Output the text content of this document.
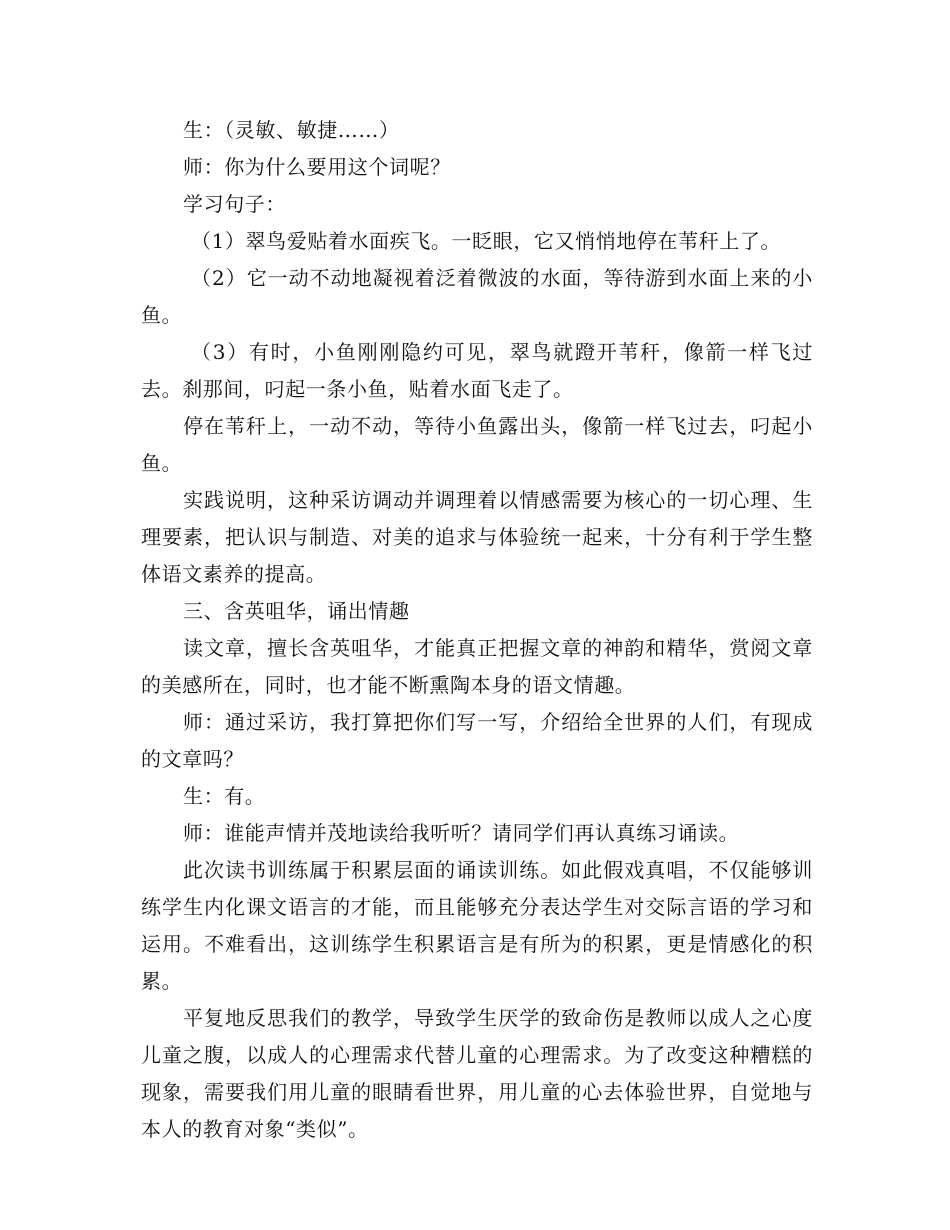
生：（灵敏、敏捷……）

师：你为什么要用这个词呢？

学习句子：

（1）翠鸟爱贴着水面疾飞。一眨眼，它又悄悄地停在苇秆上了。

（2）它一动不动地凝视着泛着微波的水面，等待游到水面上来的小鱼。

（3）有时，小鱼刚刚隐约可见，翠鸟就蹬开苇秆，像箭一样飞过去。刹那间，叼起一条小鱼，贴着水面飞走了。

停在苇秆上，一动不动，等待小鱼露出头，像箭一样飞过去，叼起小鱼。

实践说明，这种采访调动并调理着以情感需要为核心的一切心理、生理要素，把认识与制造、对美的追求与体验统一起来，十分有利于学生整体语文素养的提高。

三、含英咀华，诵出情趣

读文章，擅长含英咀华，才能真正把握文章的神韵和精华，赏阅文章的美感所在，同时，也才能不断熏陶本身的语文情趣。

师：通过采访，我打算把你们写一写，介绍给全世界的人们，有现成的文章吗？

生：有。

师：谁能声情并茂地读给我听听？请同学们再认真练习诵读。

此次读书训练属于积累层面的诵读训练。如此假戏真唱，不仅能够训练学生内化课文语言的才能，而且能够充分表达学生对交际言语的学习和运用。不难看出，这训练学生积累语言是有所为的积累，更是情感化的积累。

平复地反思我们的教学，导致学生厌学的致命伤是教师以成人之心度儿童之腹，以成人的心理需求代替儿童的心理需求。为了改变这种糟糕的现象，需要我们用儿童的眼睛看世界，用儿童的心去体验世界，自觉地与本人的教育对象“类似”。
